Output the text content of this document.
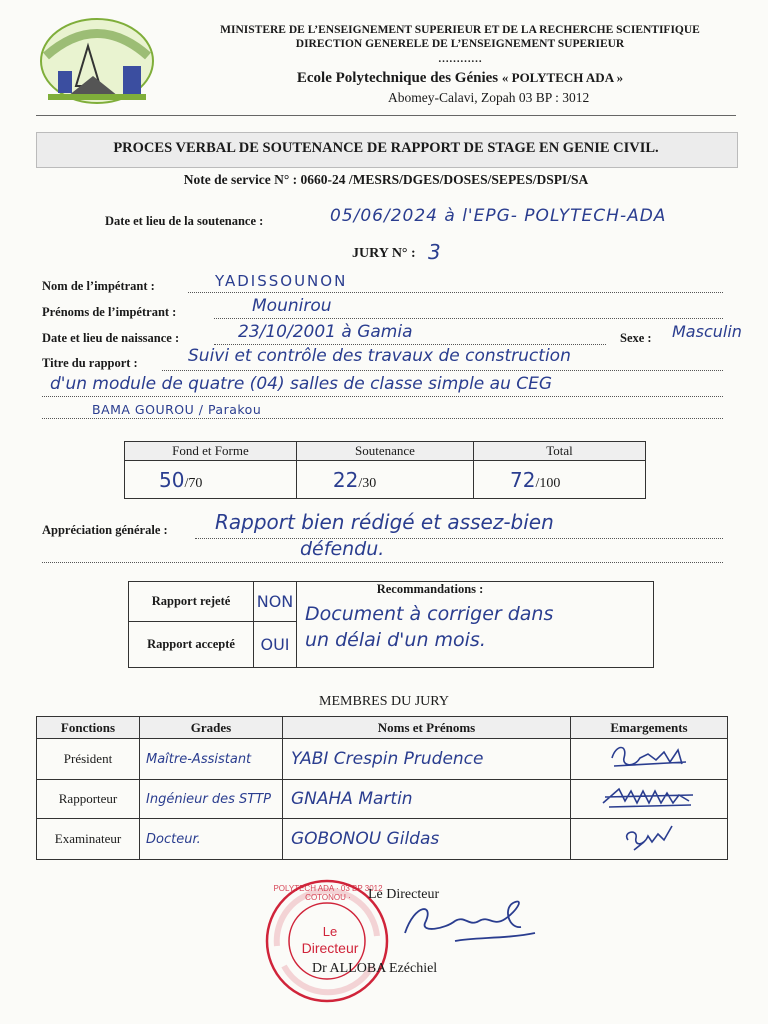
MINISTERE DE L’ENSEIGNEMENT SUPERIEUR ET DE LA RECHERCHE SCIENTIFIQUE
DIRECTION GENERELE DE L’ENSEIGNEMENT SUPERIEUR
…………
Ecole Polytechnique des Génies « POLYTECH ADA »
Abomey-Calavi, Zopah 03 BP : 3012
PROCES VERBAL DE SOUTENANCE DE RAPPORT DE STAGE EN GENIE CIVIL.
Note de service N° : 0660-24 /MESRS/DGES/DOSES/SEPES/DSPI/SA
Date et lieu de la soutenance :	05/06/2024 à l'EPG- POLYTECH-ADA
JURY N° : 3
Nom de l’impétrant :	YADISSOUNON
Prénoms de l’impétrant :	Mounirou
Date et lieu de naissance :	23/10/2001 à Gamia	Sexe : Masculin
Titre du rapport :	Suivi et contrôle des travaux de construction
d'un module de quatre (04) salles de classe simple au CEG
BAMA GOUROU / Parakou
Fond et Forme	Soutenance	Total
50/70	22/30	72/100
Appréciation générale : Rapport bien rédigé et assez-bien
défendu.
Rapport rejeté	NON	Recommandations :
Document à corriger dans
un délai d'un mois.

Rapport accepté	OUI	
MEMBRES DU JURY
Fonctions	Grades	Noms et Prénoms	Emargements
Président	Maître-Assistant	YABI Crespin Prudence	
Rapporteur	Ingénieur des STTP	GNAHA Martin	
Examinateur	Docteur.	GOBONOU Gildas	
POLYTECH ADA · 03 BP 3012 COTONOU ·
Le
Directeur
Le Directeur
Dr ALLOBA Ezéchiel
